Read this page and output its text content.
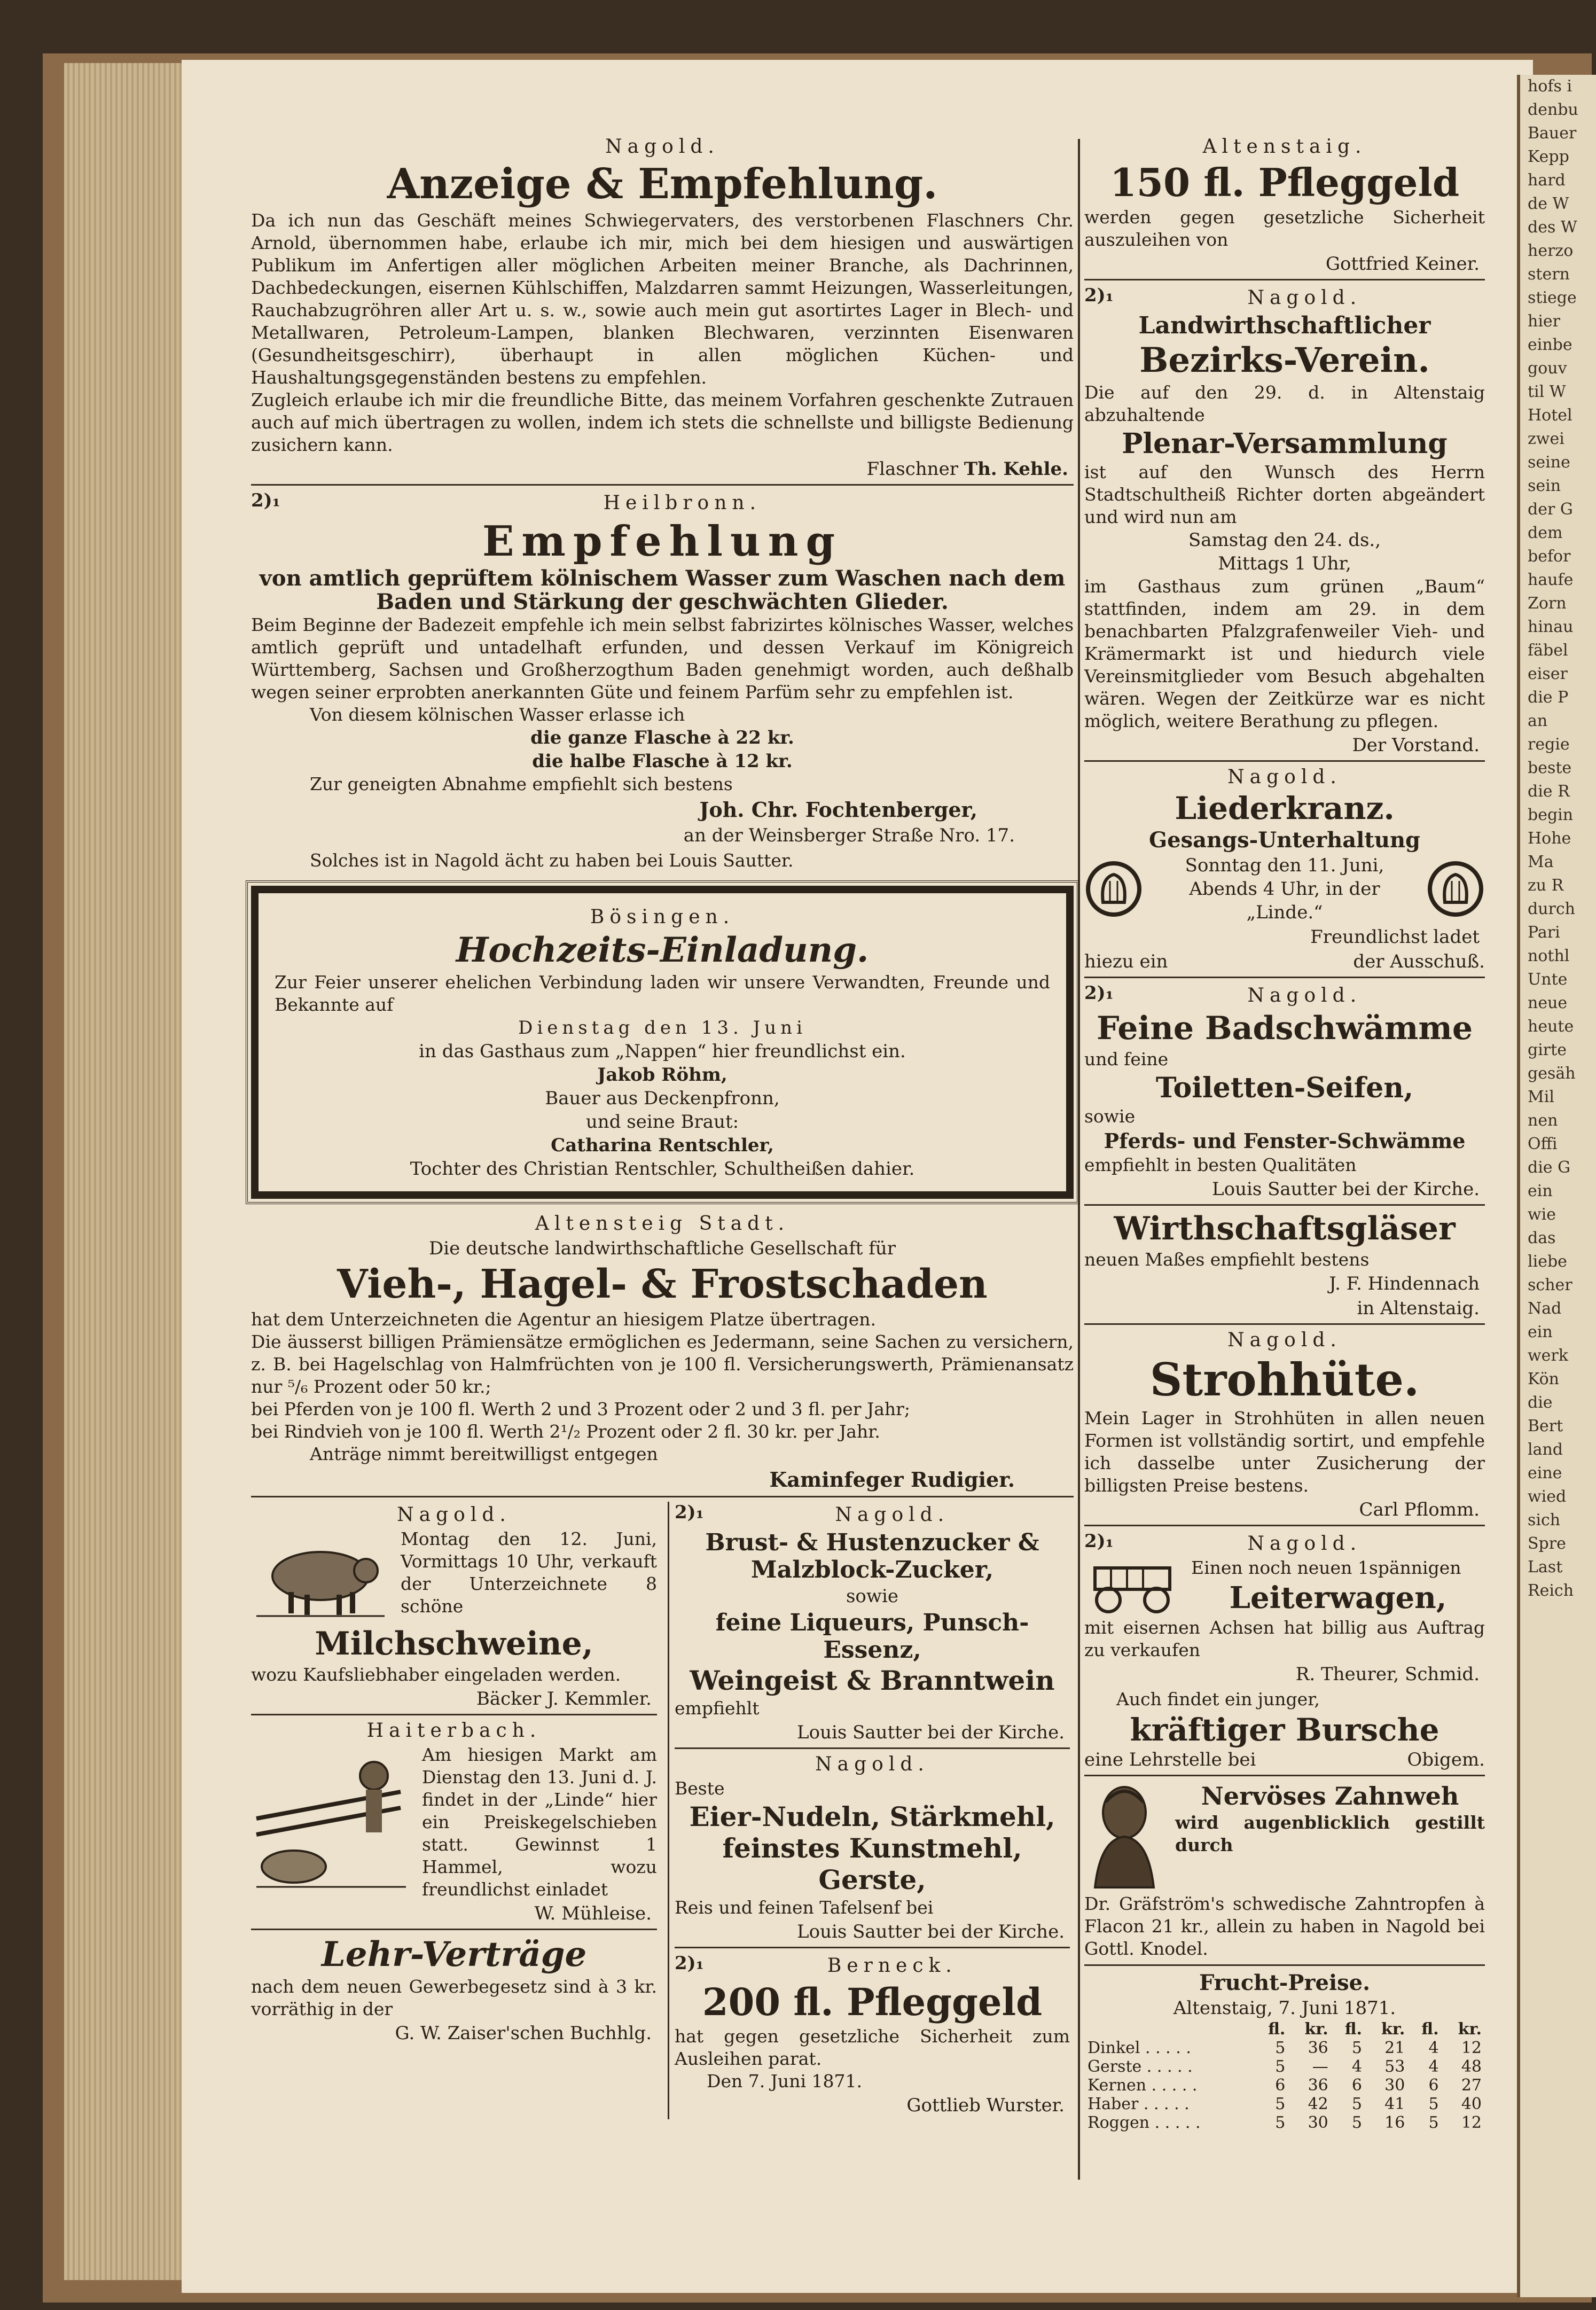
hofs i
denbu
Bauer
Kepp
hard
de W
des W
herzo
stern
stiege
hier
einbe
gouv
til W
Hotel
zwei
seine
sein
der G
dem
befor
haufe
Zorn
hinau
fäbel
eiser
die P
an
regie
beste
die R
begin
Hohe
Ma
zu R
durch
Pari
nothl
Unte
neue
heute
girte
gesäh
Mil
nen
Offi
die G
ein
wie
das
liebe
scher
Nad
ein
werk
Kön
die
Bert
land
eine
wied
sich
Spre
Last
Reich
Nagold.
Anzeige & Empfehlung.

Da ich nun das Geschäft meines Schwiegervaters, des verstorbenen Flaschners Chr. Arnold, übernommen habe, erlaube ich mir, mich bei dem hiesigen und auswärtigen Publikum im Anfertigen aller möglichen Arbeiten meiner Branche, als Dachrinnen, Dachbedeckungen, eisernen Kühlschiffen, Malzdarren sammt Heizungen, Wasserleitungen, Rauchabzugröhren aller Art u. s. w., sowie auch mein gut asortirtes Lager in Blech- und Metallwaren, Petroleum-Lampen, blanken Blechwaren, verzinnten Eisenwaren (Gesundheitsgeschirr), überhaupt in allen möglichen Küchen- und Haushaltungsgegenständen bestens zu empfehlen.

Zugleich erlaube ich mir die freundliche Bitte, das meinem Vorfahren geschenkte Zutrauen auch auf mich übertragen zu wollen, indem ich stets die schnellste und billigste Bedienung zusichern kann.

Flaschner Th. Kehle.
2)₁	Heilbronn.
Empfehlung
von amtlich geprüftem kölnischem Wasser zum Waschen nach dem Baden und Stärkung der geschwächten Glieder.

Beim Beginne der Badezeit empfehle ich mein selbst fabrizirtes kölnisches Wasser, welches amtlich geprüft und untadelhaft erfunden, und dessen Verkauf im Königreich Württemberg, Sachsen und Großherzogthum Baden genehmigt worden, auch deßhalb wegen seiner erprobten anerkannten Güte und feinem Parfüm sehr zu empfehlen ist.

Von diesem kölnischen Wasser erlasse ich

die ganze Flasche à 22 kr.
die halbe Flasche à 12 kr.

Zur geneigten Abnahme empfiehlt sich bestens

Joh. Chr. Fochtenberger,
an der Weinsberger Straße Nro. 17.

Solches ist in Nagold ächt zu haben bei Louis Sautter.

Bösingen.
Hochzeits-Einladung.

Zur Feier unserer ehelichen Verbindung laden wir unsere Verwandten, Freunde und Bekannte auf

Dienstag den 13. Juni
in das Gasthaus zum „Nappen“ hier freundlichst ein.
Jakob Röhm,
Bauer aus Deckenpfronn,
und seine Braut:
Catharina Rentschler,
Tochter des Christian Rentschler, Schultheißen dahier.
Altensteig Stadt.
Die deutsche landwirthschaftliche Gesellschaft für
Vieh-, Hagel- & Frostschaden

hat dem Unterzeichneten die Agentur an hiesigem Platze übertragen.

Die äusserst billigen Prämiensätze ermöglichen es Jedermann, seine Sachen zu versichern, z. B. bei Hagelschlag von Halmfrüchten von je 100 fl. Versicherungswerth, Prämienansatz nur ⁵/₆ Prozent oder 50 kr.;

bei Pferden von je 100 fl. Werth 2 und 3 Prozent oder 2 und 3 fl. per Jahr;

bei Rindvieh von je 100 fl. Werth 2¹/₂ Prozent oder 2 fl. 30 kr. per Jahr.

Anträge nimmt bereitwilligst entgegen

Kaminfeger Rudigier.
Nagold.

Montag den 12. Juni, Vormittags 10 Uhr, verkauft der Unterzeichnete 8 schöne

Milchschweine,

wozu Kaufsliebhaber eingeladen werden.

Bäcker J. Kemmler.
Haiterbach.

Am hiesigen Markt am Dienstag den 13. Juni d. J. findet in der „Linde“ hier ein Preiskegelschieben statt. Gewinnst 1 Hammel, wozu freundlichst einladet

W. Mühleise.
Lehr-Verträge

nach dem neuen Gewerbegesetz sind à 3 kr. vorräthig in der

G. W. Zaiser'schen Buchhlg.
2)₁	Nagold.
Brust- & Hustenzucker & Malzblock-Zucker,
sowie
feine Liqueurs, Punsch-Essenz,
Weingeist & Branntwein

empfiehlt

Louis Sautter bei der Kirche.
Nagold.

Beste

Eier-Nudeln, Stärkmehl, feinstes Kunstmehl, Gerste,

Reis und feinen Tafelsenf bei

Louis Sautter bei der Kirche.
2)₁	Berneck.
200 fl. Pfleggeld

hat gegen gesetzliche Sicherheit zum Ausleihen parat.

Den 7. Juni 1871.

Gottlieb Wurster.
Altenstaig.
150 fl. Pfleggeld

werden gegen gesetzliche Sicherheit auszuleihen von

Gottfried Keiner.
2)₁	Nagold.
Landwirthschaftlicher
Bezirks-Verein.

Die auf den 29. d. in Altenstaig abzuhaltende

Plenar-Versammlung

ist auf den Wunsch des Herrn Stadtschultheiß Richter dorten abgeändert und wird nun am

Samstag den 24. ds.,
Mittags 1 Uhr,

im Gasthaus zum grünen „Baum“ stattfinden, indem am 29. in dem benachbarten Pfalzgrafenweiler Vieh- und Krämermarkt ist und hiedurch viele Vereinsmitglieder vom Besuch abgehalten wären. Wegen der Zeitkürze war es nicht möglich, weitere Berathung zu pflegen.

Der Vorstand.
Nagold.
Liederkranz.
Gesangs-Unterhaltung
Sonntag den 11. Juni, Abends 4 Uhr, in der „Linde.“
Freundlichst ladet
hiezu ein	der Ausschuß.
2)₁	Nagold.
Feine Badschwämme

und feine

Toiletten-Seifen,

sowie

Pferds- und Fenster-Schwämme

empfiehlt in besten Qualitäten

Louis Sautter bei der Kirche.
Wirthschaftsgläser

neuen Maßes empfiehlt bestens

J. F. Hindennach
in Altenstaig.
Nagold.
Strohhüte.

Mein Lager in Strohhüten in allen neuen Formen ist vollständig sortirt, und empfehle ich dasselbe unter Zusicherung der billigsten Preise bestens.

Carl Pflomm.
2)₁	Nagold.

Einen noch neuen 1spännigen

Leiterwagen,

mit eisernen Achsen hat billig aus Auftrag zu verkaufen

R. Theurer, Schmid.

Auch findet ein junger,

kräftiger Bursche
eine Lehrstelle bei	Obigem.
Nervöses Zahnweh

wird augenblicklich gestillt durch

Dr. Gräfström's schwedische Zahntropfen à Flacon 21 kr., allein zu haben in Nagold bei Gottl. Knodel.

Frucht-Preise.
Altenstaig, 7. Juni 1871.
	fl.	kr.	fl.	kr.	fl.	kr.
Dinkel . . . . .	5	36	5	21	4	12
Gerste . . . . .	5	—	4	53	4	48
Kernen . . . . .	6	36	6	30	6	27
Haber . . . . .	5	42	5	41	5	40
Roggen . . . . .	5	30	5	16	5	12
